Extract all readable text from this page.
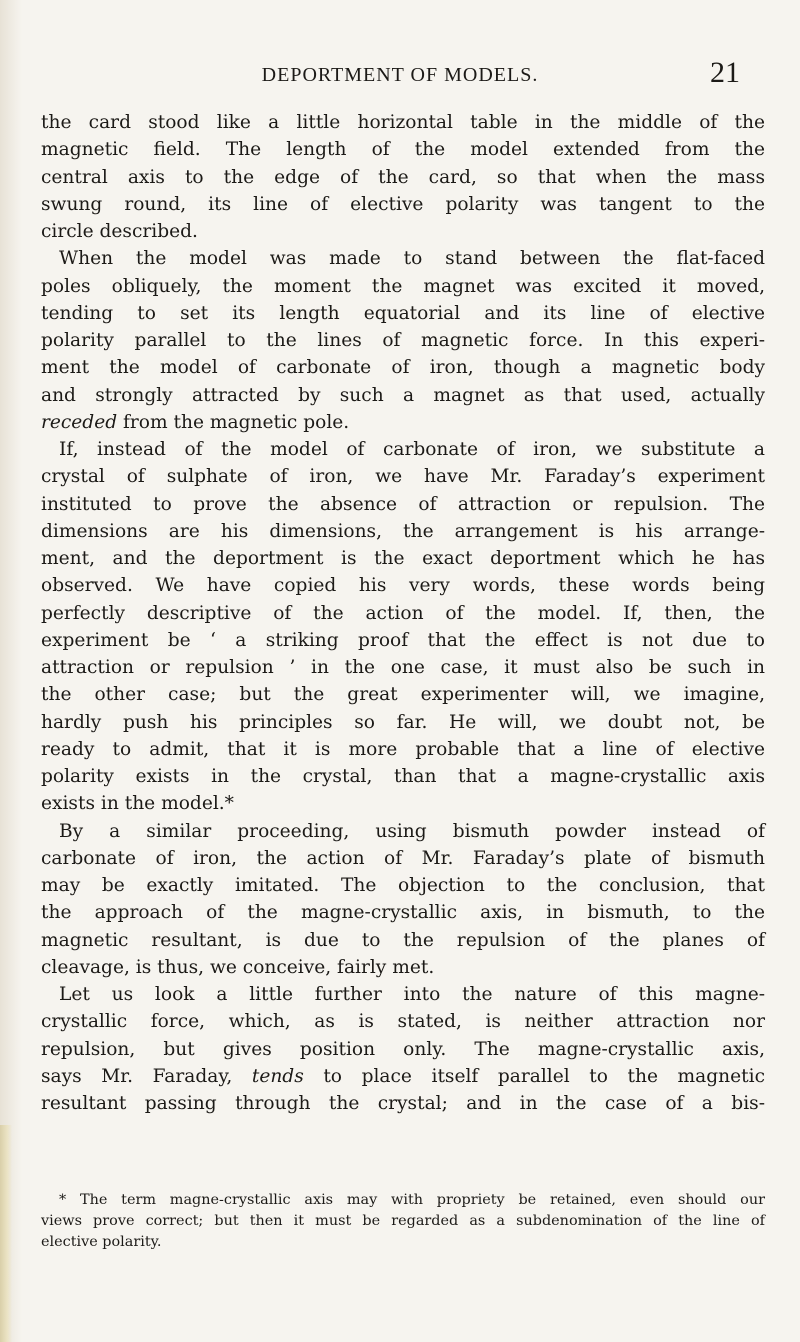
DEPORTMENT OF MODELS.	21
the card stood like a little horizontal table in the middle of the
magnetic field. The length of the model extended from the
central axis to the edge of the card, so that when the mass
swung round, its line of elective polarity was tangent to the
circle described.
When the model was made to stand between the flat-faced
poles obliquely, the moment the magnet was excited it moved,
tending to set its length equatorial and its line of elective
polarity parallel to the lines of magnetic force. In this experi-
ment the model of carbonate of iron, though a magnetic body
and strongly attracted by such a magnet as that used, actually
receded from the magnetic pole.
If, instead of the model of carbonate of iron, we substitute a
crystal of sulphate of iron, we have Mr. Faraday’s experiment
instituted to prove the absence of attraction or repulsion. The
dimensions are his dimensions, the arrangement is his arrange-
ment, and the deportment is the exact deportment which he has
observed. We have copied his very words, these words being
perfectly descriptive of the action of the model. If, then, the
experiment be ‘ a striking proof that the effect is not due to
attraction or repulsion ’ in the one case, it must also be such in
the other case; but the great experimenter will, we imagine,
hardly push his principles so far. He will, we doubt not, be
ready to admit, that it is more probable that a line of elective
polarity exists in the crystal, than that a magne-crystallic axis
exists in the model.*
By a similar proceeding, using bismuth powder instead of
carbonate of iron, the action of Mr. Faraday’s plate of bismuth
may be exactly imitated. The objection to the conclusion, that
the approach of the magne-crystallic axis, in bismuth, to the
magnetic resultant, is due to the repulsion of the planes of
cleavage, is thus, we conceive, fairly met.
Let us look a little further into the nature of this magne-
crystallic force, which, as is stated, is neither attraction nor
repulsion, but gives position only. The magne-crystallic axis,
says Mr. Faraday, tends to place itself parallel to the magnetic
resultant passing through the crystal; and in the case of a bis-
* The term magne-crystallic axis may with propriety be retained, even should our
views prove correct; but then it must be regarded as a subdenomination of the line of
elective polarity.
